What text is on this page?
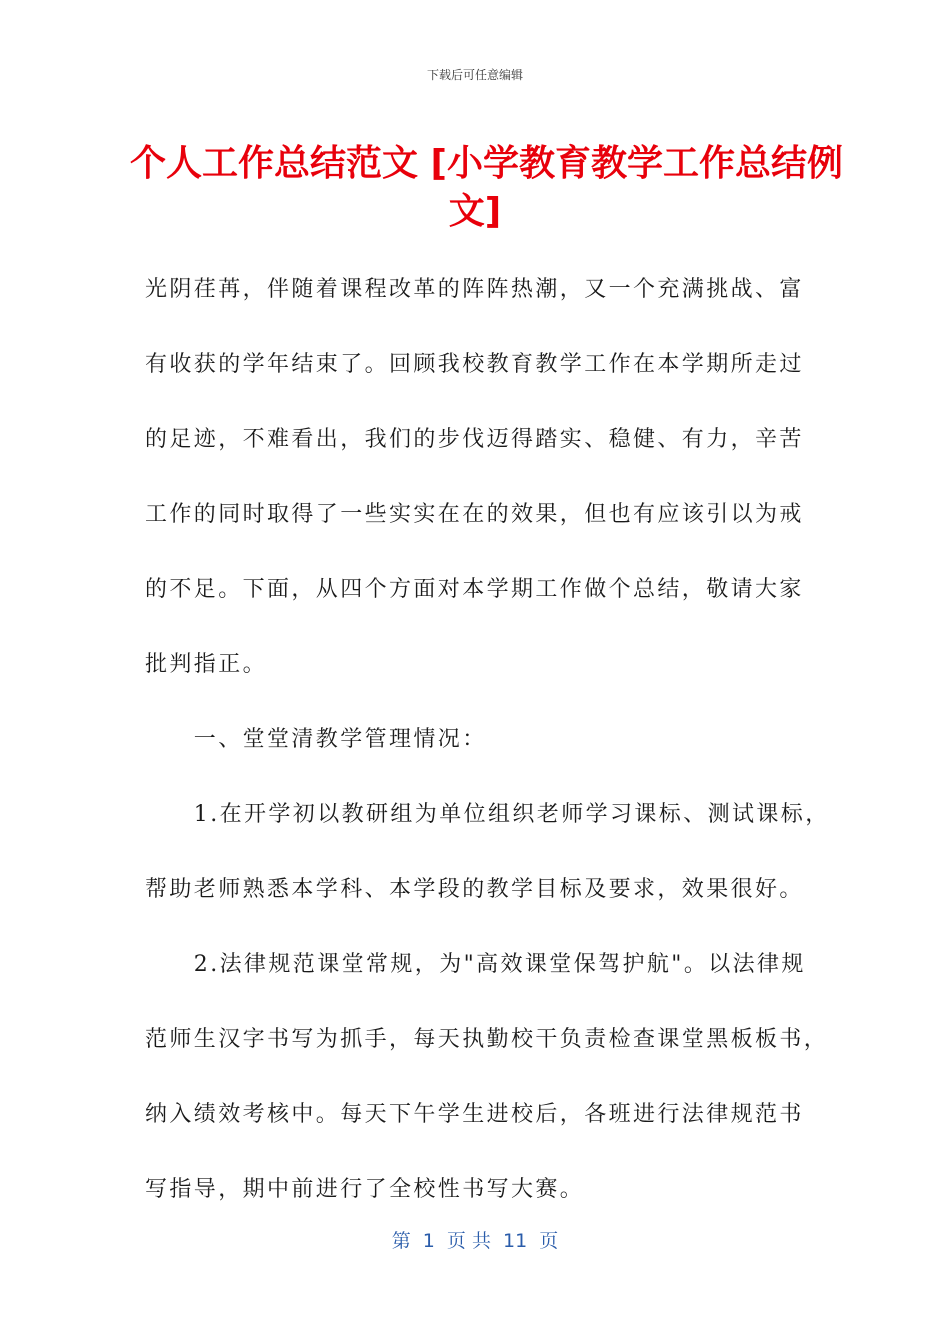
下载后可任意编辑
个人工作总结范文 [小学教育教学工作总结例
文]

光阴荏苒，伴随着课程改革的阵阵热潮，又一个充满挑战、富

有收获的学年结束了。回顾我校教育教学工作在本学期所走过

的足迹，不难看出，我们的步伐迈得踏实、稳健、有力，辛苦

工作的同时取得了一些实实在在的效果，但也有应该引以为戒

的不足。下面，从四个方面对本学期工作做个总结，敬请大家

批判指正。

　　一、堂堂清教学管理情况：

　　1.在开学初以教研组为单位组织老师学习课标、测试课标，

帮助老师熟悉本学科、本学段的教学目标及要求，效果很好。

　　2.法律规范课堂常规，为"高效课堂保驾护航"。以法律规

范师生汉字书写为抓手，每天执勤校干负责检查课堂黑板板书，

纳入绩效考核中。每天下午学生进校后，各班进行法律规范书

写指导，期中前进行了全校性书写大赛。

第  1  页 共  11  页
